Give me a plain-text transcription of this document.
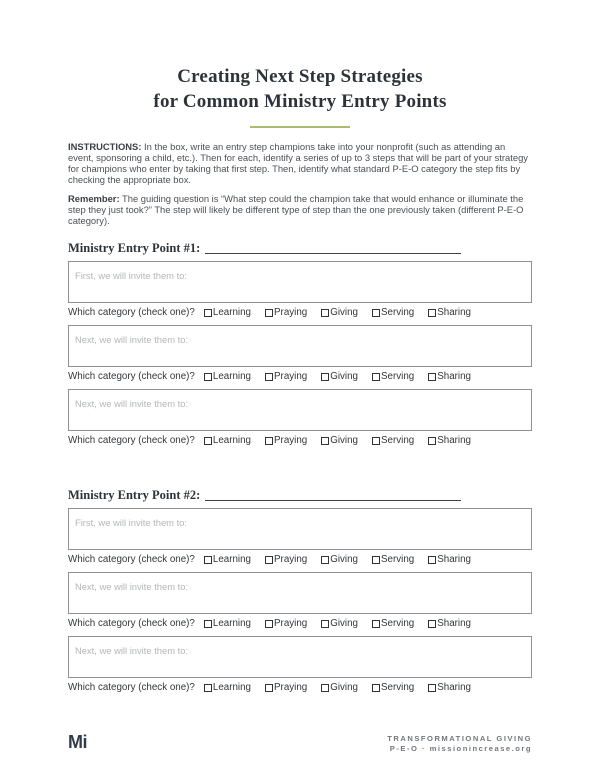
Creating Next Step Strategies
for Common Ministry Entry Points

INSTRUCTIONS: In the box, write an entry step champions take into your nonprofit (such as attending an event, sponsoring a child, etc.). Then for each, identify a series of up to 3 steps that will be part of your strategy for champions who enter by taking that first step. Then, identify what standard P-E-O category the step fits by checking the appropriate box.

Remember: The guiding question is “What step could the champion take that would enhance or illuminate the step they just took?” The step will likely be different type of step than the one previously taken (different P-E-O category).

Ministry Entry Point #1:
First, we will invite them to:
Which category (check one)? Learning Praying Giving Serving Sharing
Next, we will invite them to:
Which category (check one)? Learning Praying Giving Serving Sharing
Next, we will invite them to:
Which category (check one)? Learning Praying Giving Serving Sharing
Ministry Entry Point #2:
First, we will invite them to:
Which category (check one)? Learning Praying Giving Serving Sharing
Next, we will invite them to:
Which category (check one)? Learning Praying Giving Serving Sharing
Next, we will invite them to:
Which category (check one)? Learning Praying Giving Serving Sharing
Mi	TRANSFORMATIONAL GIVING
P-E-O · missionincrease.org
